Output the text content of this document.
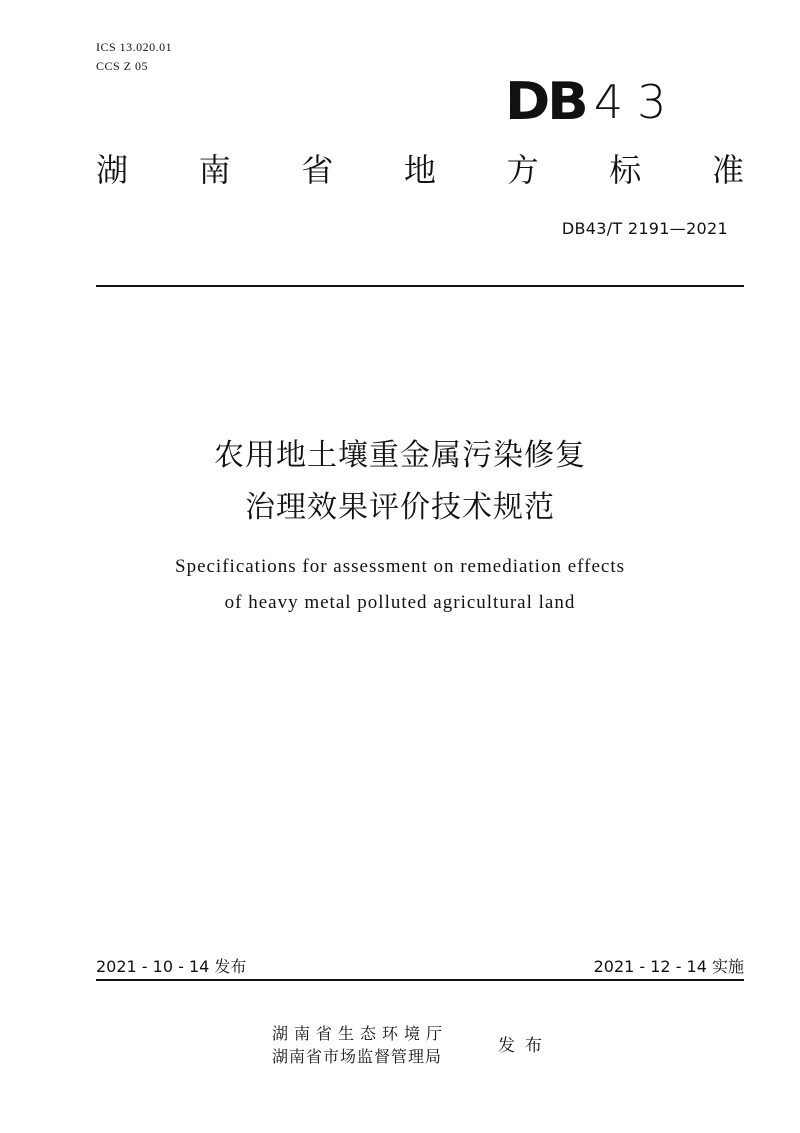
ICS 13.020.01
CCS Z 05
DB 43
湖 南 省 地 方 标 准
DB43/T 2191—2021
农用地土壤重金属污染修复
治理效果评价技术规范
Specifications for assessment on remediation effects
of heavy metal polluted agricultural land
2021 - 10 - 14 发布	2021 - 12 - 14 实施
湖南省生态环境厅
湖南省市场监督管理局
发布
